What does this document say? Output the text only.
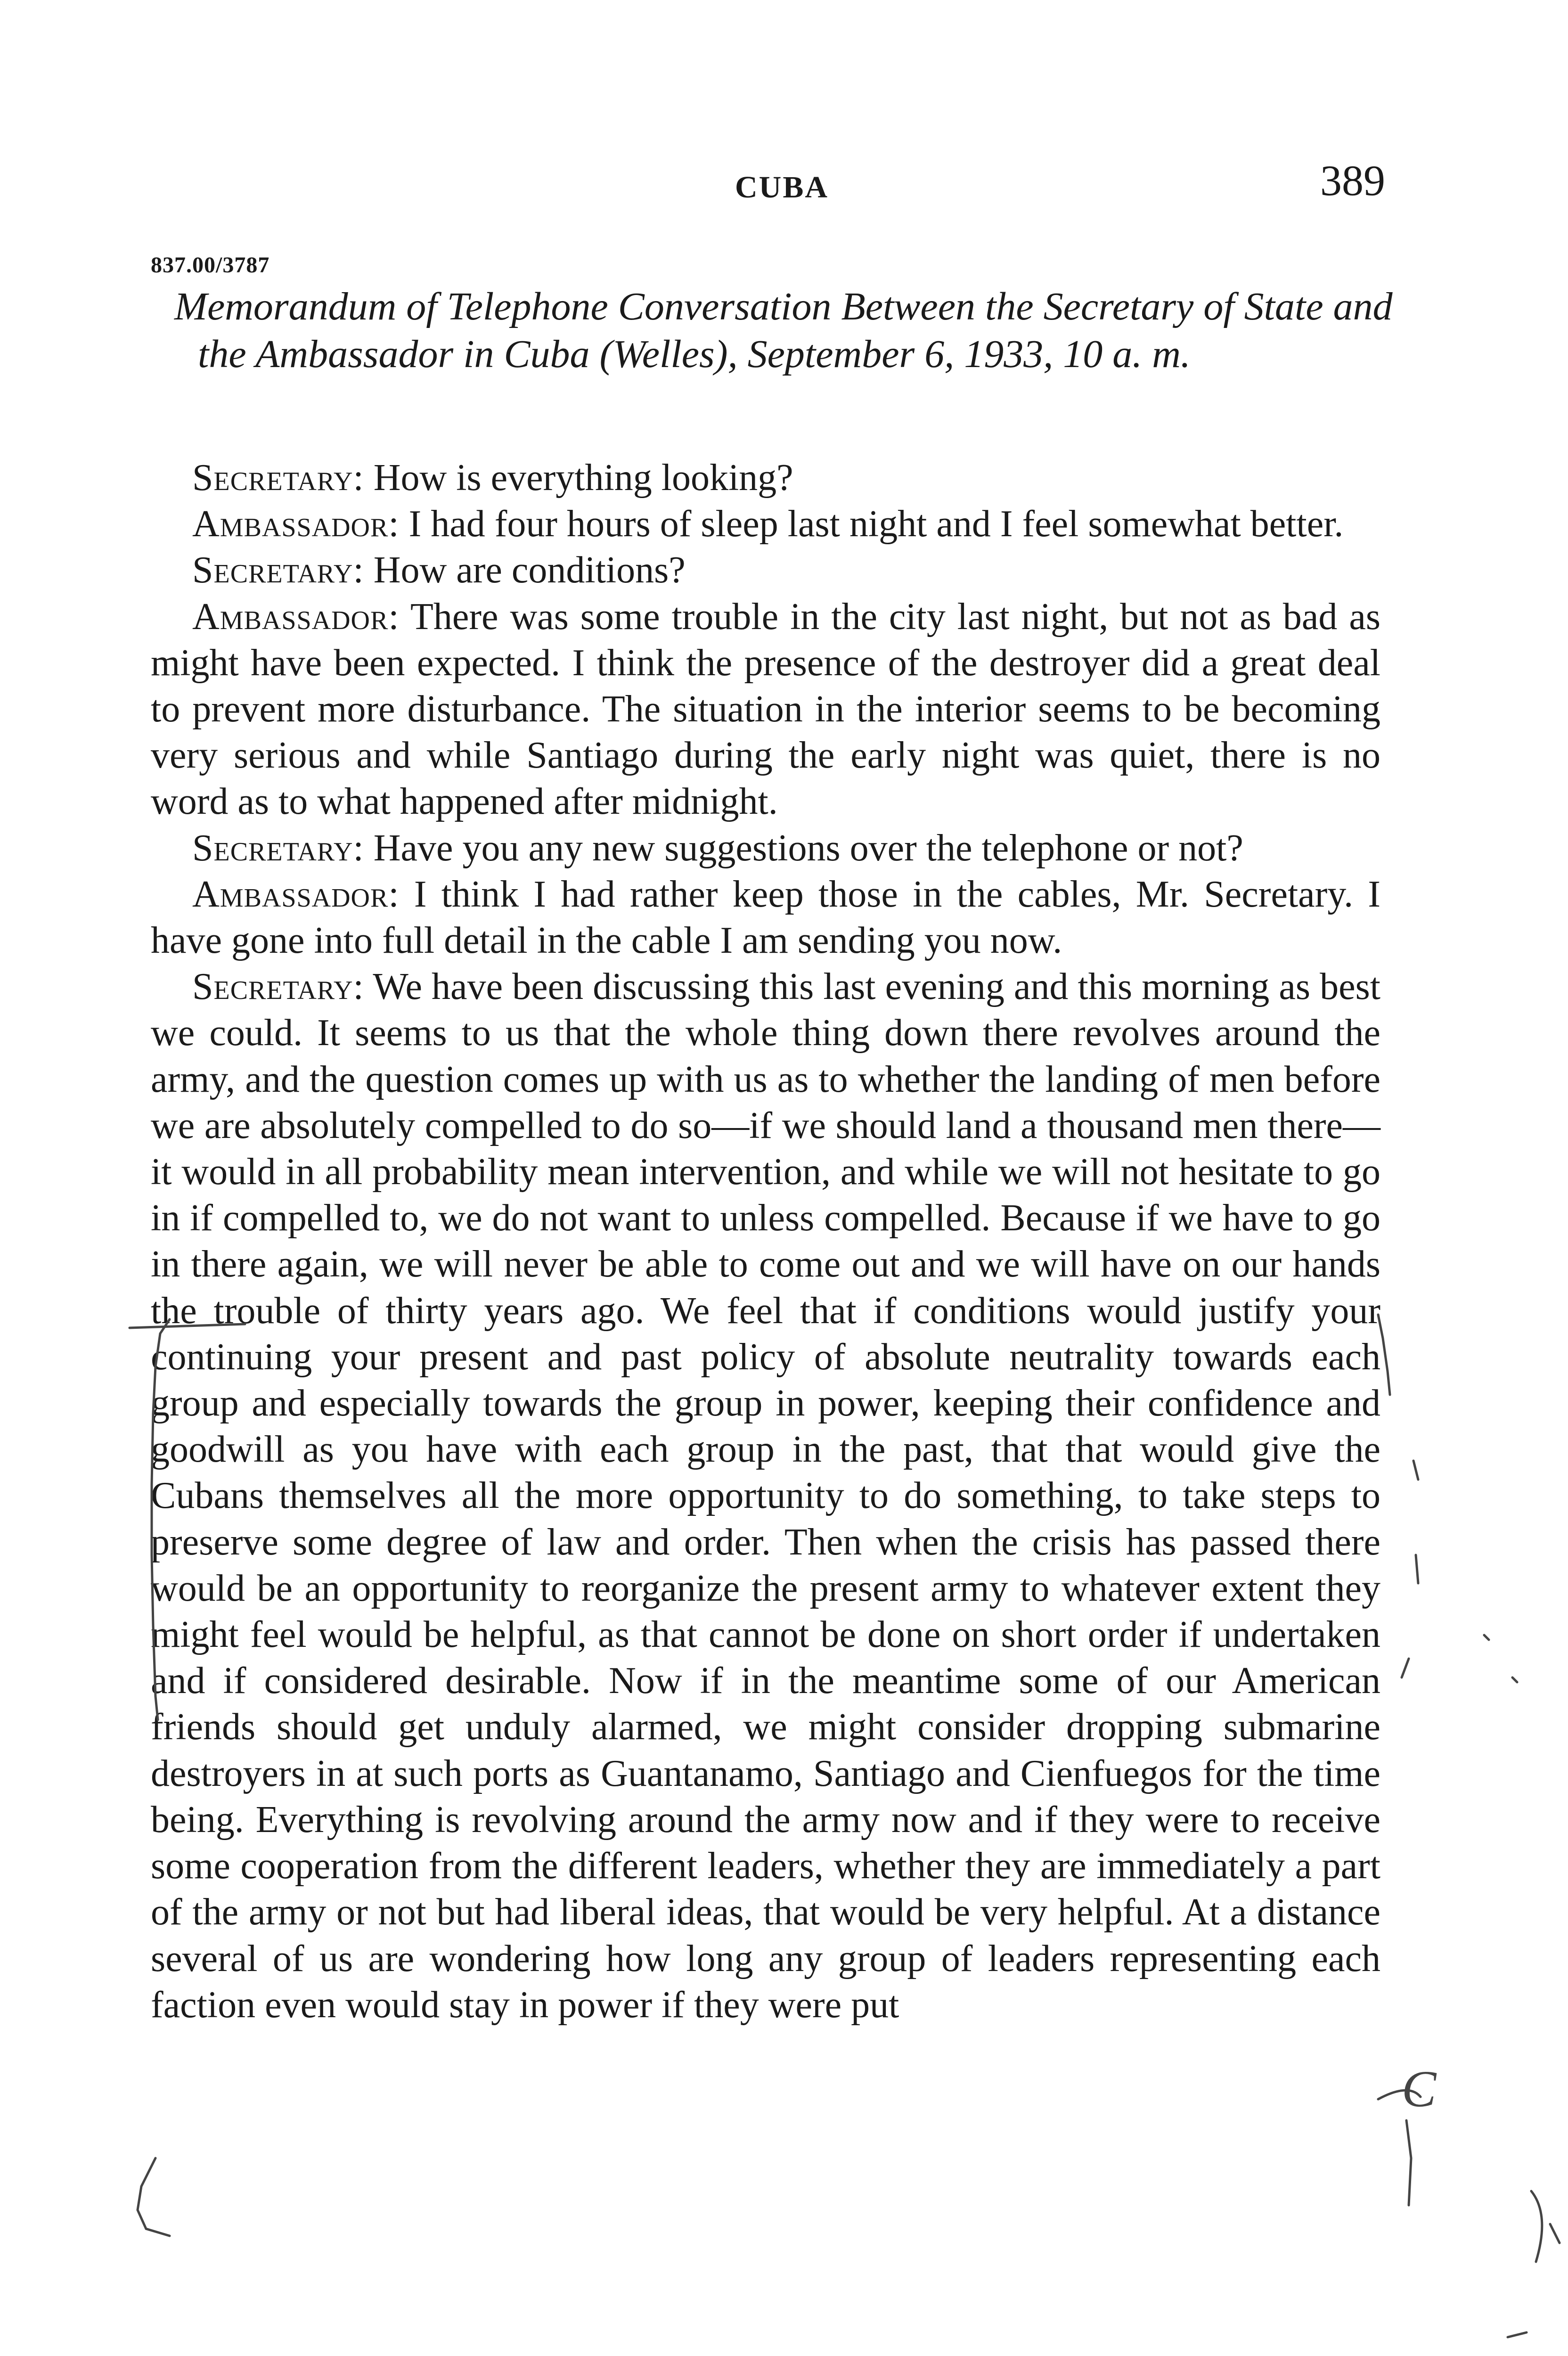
CUBA	389
837.00/3787

Memorandum of Telephone Conversation Between the Secretary of State and the Ambassador in Cuba (Welles), September 6, 1933, 10 a. m.

Secretary: How is everything looking?

Ambassador: I had four hours of sleep last night and I feel somewhat better.

Secretary: How are conditions?

Ambassador: There was some trouble in the city last night, but not as bad as might have been expected. I think the presence of the destroyer did a great deal to prevent more disturbance. The situation in the interior seems to be becoming very serious and while Santiago during the early night was quiet, there is no word as to what happened after midnight.

Secretary: Have you any new suggestions over the telephone or not?

Ambassador: I think I had rather keep those in the cables, Mr. Secretary. I have gone into full detail in the cable I am sending you now.

Secretary: We have been discussing this last evening and this morning as best we could. It seems to us that the whole thing down there revolves around the army, and the question comes up with us as to whether the landing of men before we are absolutely compelled to do so—if we should land a thousand men there—it would in all probability mean intervention, and while we will not hesitate to go in if compelled to, we do not want to unless compelled. Because if we have to go in there again, we will never be able to come out and we will have on our hands the trouble of thirty years ago. We feel that if conditions would justify your continuing your present and past policy of absolute neutrality towards each group and especially towards the group in power, keeping their confidence and goodwill as you have with each group in the past, that that would give the Cubans themselves all the more opportunity to do something, to take steps to preserve some degree of law and order. Then when the crisis has passed there would be an opportunity to reorganize the present army to whatever extent they might feel would be helpful, as that cannot be done on short order if undertaken and if considered desirable. Now if in the meantime some of our American friends should get unduly alarmed, we might consider dropping submarine destroyers in at such ports as Guantanamo, Santiago and Cienfuegos for the time being. Everything is revolving around the army now and if they were to receive some cooperation from the different leaders, whether they are immediately a part of the army or not but had liberal ideas, that would be very helpful. At a distance several of us are wondering how long any group of leaders representing each faction even would stay in power if they were put

C
